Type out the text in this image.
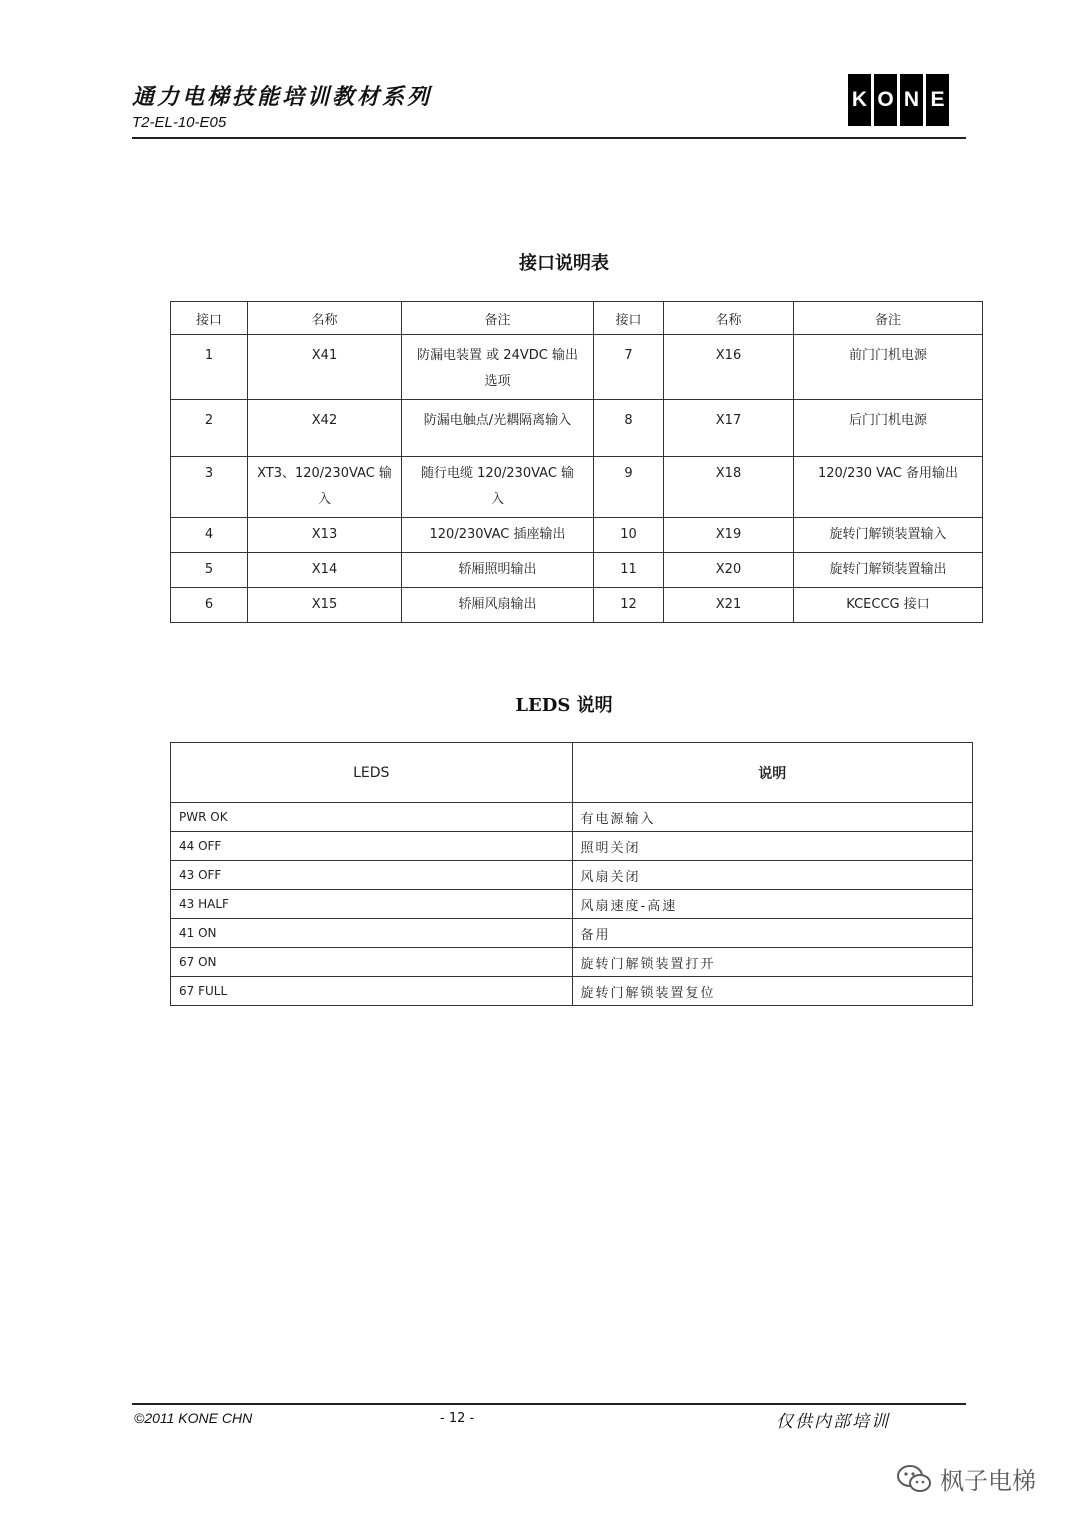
通力电梯技能培训教材系列
T2-EL-10-E05
K O N E
接口说明表
接口	名称	备注	接口	名称	备注
1	X41	防漏电装置 或 24VDC 输出选项	7	X16	前门门机电源
2	X42	防漏电触点/光耦隔离输入	8	X17	后门门机电源
3	XT3、120/230VAC 输入	随行电缆 120/230VAC 输入	9	X18	120/230 VAC 备用输出
4	X13	120/230VAC 插座输出	10	X19	旋转门解锁装置输入
5	X14	轿厢照明输出	11	X20	旋转门解锁装置输出
6	X15	轿厢风扇输出	12	X21	KCECCG 接口
LEDS 说明
LEDS	说明
PWR OK	有电源输入
44 OFF	照明关闭
43 OFF	风扇关闭
43 HALF	风扇速度-高速
41 ON	备用
67 ON	旋转门解锁装置打开
67 FULL	旋转门解锁装置复位
©2011 KONE CHN	- 12 -	仅供内部培训
枫子电梯
